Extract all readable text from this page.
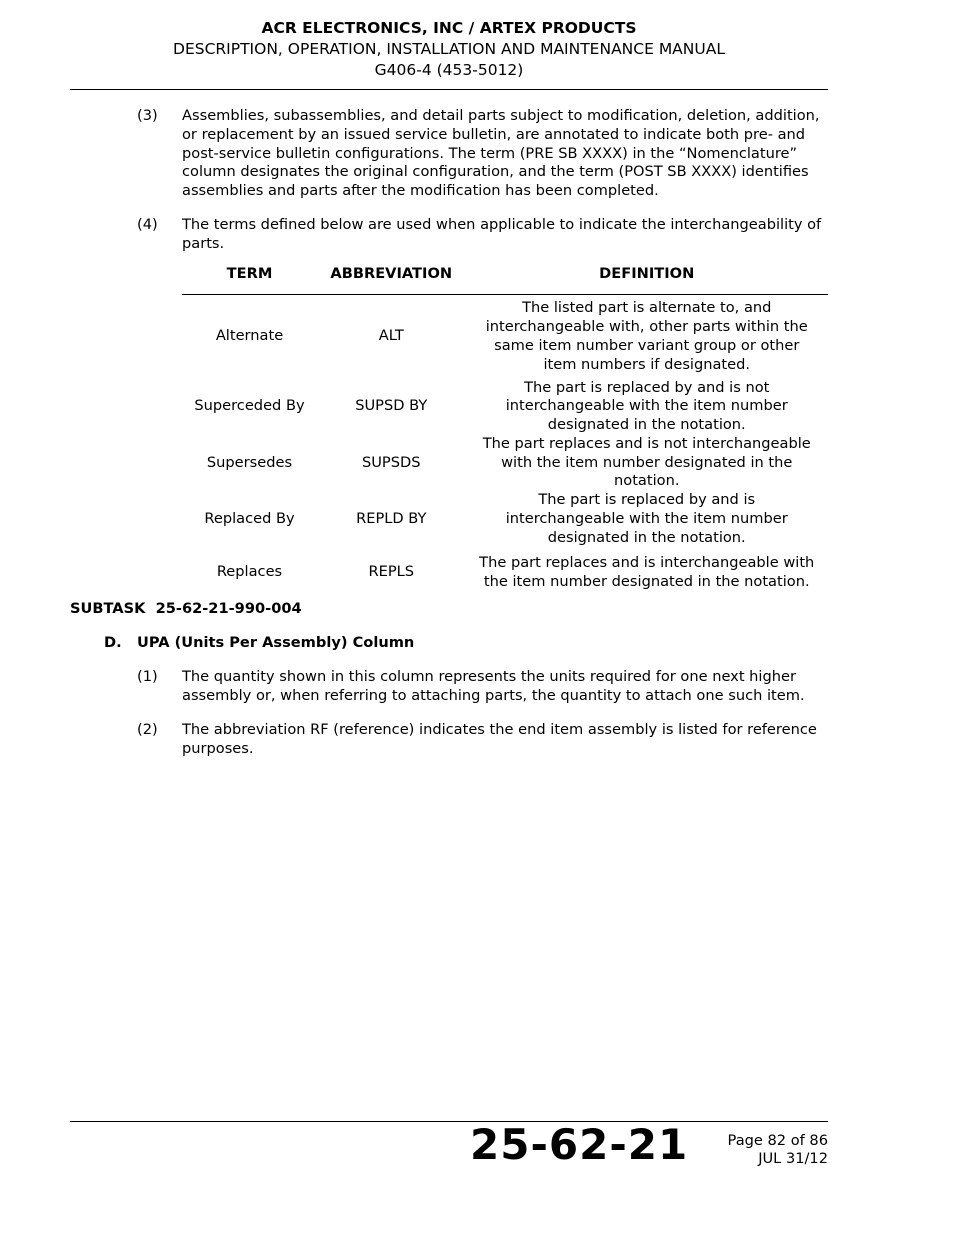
ACR ELECTRONICS, INC / ARTEX PRODUCTS
DESCRIPTION, OPERATION, INSTALLATION AND MAINTENANCE MANUAL
G406-4 (453-5012)
(3) Assemblies, subassemblies, and detail parts subject to modification, deletion, addition, or replacement by an issued service bulletin, are annotated to indicate both pre- and post-service bulletin configurations. The term (PRE SB XXXX) in the “Nomenclature” column designates the original configuration, and the term (POST SB XXXX) identifies assemblies and parts after the modification has been completed.
(4) The terms defined below are used when applicable to indicate the interchangeability of parts.
TERM	ABBREVIATION	DEFINITION
Alternate	ALT	The listed part is alternate to, and interchangeable with, other parts within the same item number variant group or other item numbers if designated.
Superceded By	SUPSD BY	The part is replaced by and is not interchangeable with the item number designated in the notation.
Supersedes	SUPSDS	The part replaces and is not interchangeable with the item number designated in the notation.
Replaced By	REPLD BY	The part is replaced by and is interchangeable with the item number designated in the notation.
Replaces	REPLS	The part replaces and is interchangeable with the item number designated in the notation.
SUBTASK  25-62-21-990-004
D. UPA (Units Per Assembly) Column
(1) The quantity shown in this column represents the units required for one next higher assembly or, when referring to attaching parts, the quantity to attach one such item.
(2) The abbreviation RF (reference) indicates the end item assembly is listed for reference purposes.
25-62-21	Page 82 of 86
JUL 31/12
